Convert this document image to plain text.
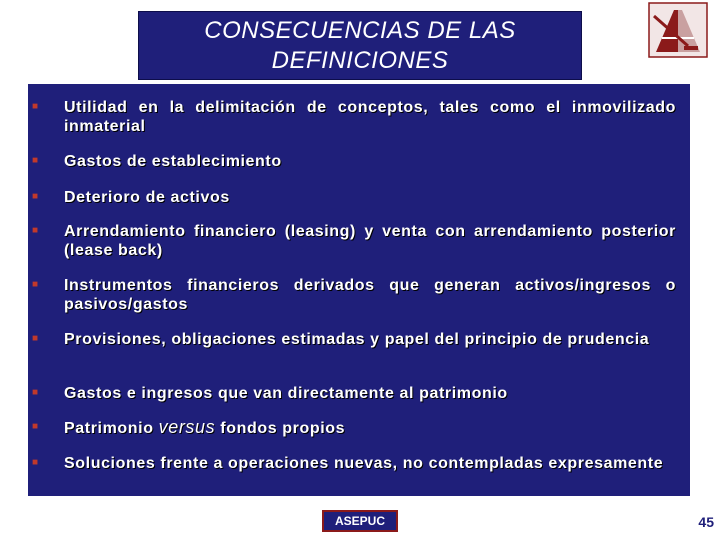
CONSECUENCIAS DE LAS
DEFINICIONES
■ Utilidad en la delimitación de conceptos, tales como el inmovilizado inmaterial
■ Gastos de establecimiento
■ Deterioro de activos
■ Arrendamiento financiero (leasing) y venta con arrendamiento posterior (lease back)
■ Instrumentos financieros derivados que generan activos/ingresos o pasivos/gastos
■ Provisiones, obligaciones estimadas y papel del principio de prudencia
■ Gastos e ingresos que van directamente al patrimonio
■ Patrimonio versus fondos propios
■ Soluciones frente a operaciones nuevas, no contempladas expresamente
ASEPUC	45
